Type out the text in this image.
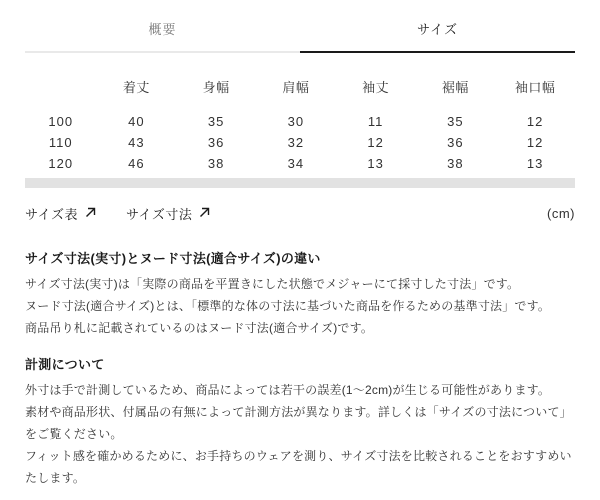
概要	サイズ
	着丈	身幅	肩幅	袖丈	裾幅	袖口幅
100	40	35	30	11	35	12
110	43	36	32	12	36	12
120	46	38	34	13	38	13
サイズ表	サイズ寸法	(cm)
サイズ寸法(実寸)とヌード寸法(適合サイズ)の違い

サイズ寸法(実寸)は「実際の商品を平置きにした状態でメジャーにて採寸した寸法」です。

ヌード寸法(適合サイズ)とは、「標準的な体の寸法に基づいた商品を作るための基準寸法」です。

商品吊り札に記載されているのはヌード寸法(適合サイズ)です。

計測について

外寸は手で計測しているため、商品によっては若干の誤差(1〜2cm)が生じる可能性があります。

素材や商品形状、付属品の有無によって計測方法が異なります。詳しくは「サイズの寸法について」をご覧ください。

フィット感を確かめるために、お手持ちのウェアを測り、サイズ寸法を比較されることをおすすめいたします。
